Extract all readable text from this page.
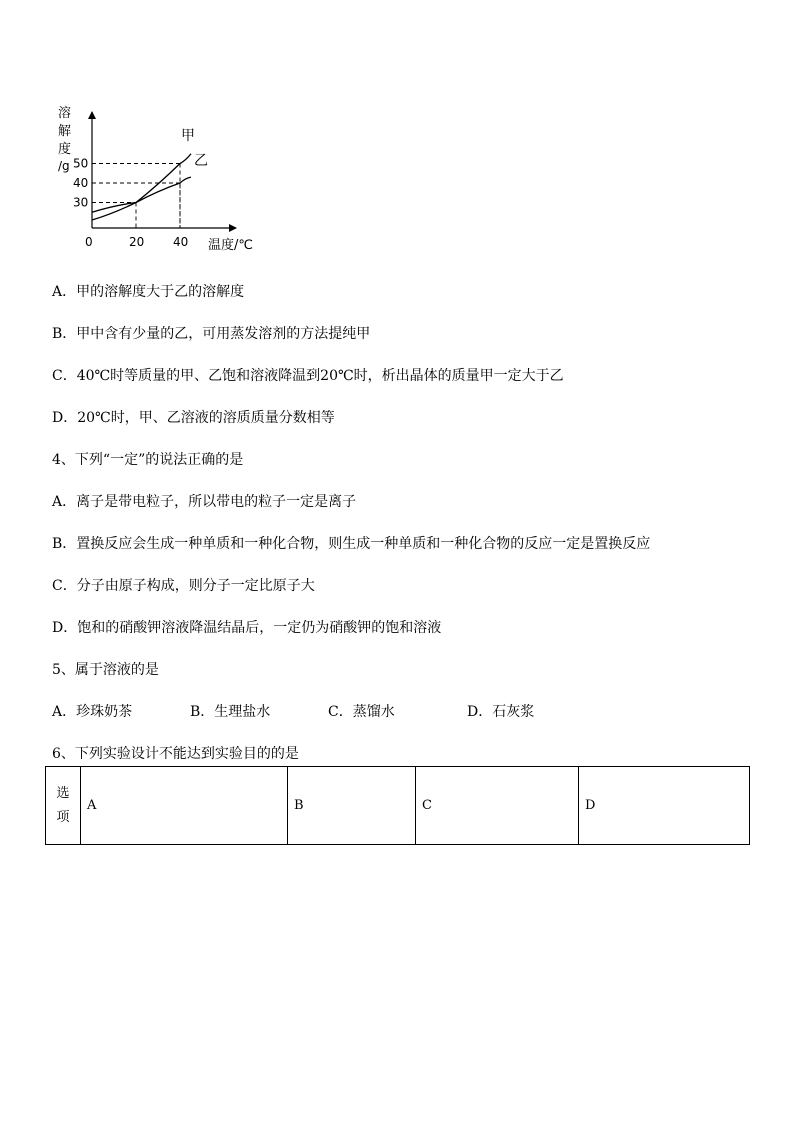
甲
乙
20 40
30
40
50
溶
解
度
/g
0	温度/℃
A．甲的溶解度大于乙的溶解度
B．甲中含有少量的乙，可用蒸发溶剂的方法提纯甲
C．40℃时等质量的甲、乙饱和溶液降温到20℃时，析出晶体的质量甲一定大于乙
D．20℃时，甲、乙溶液的溶质质量分数相等
4、下列“一定”的说法正确的是
A．离子是带电粒子，所以带电的粒子一定是离子
B．置换反应会生成一种单质和一种化合物，则生成一种单质和一种化合物的反应一定是置换反应
C．分子由原子构成，则分子一定比原子大
D．饱和的硝酸钾溶液降温结晶后，一定仍为硝酸钾的饱和溶液
5、属于溶液的是
A．珍珠奶茶	B．生理盐水	C．蒸馏水	D．石灰浆
6、下列实验设计不能达到实验目的的是
选
项	A	B	C	D
